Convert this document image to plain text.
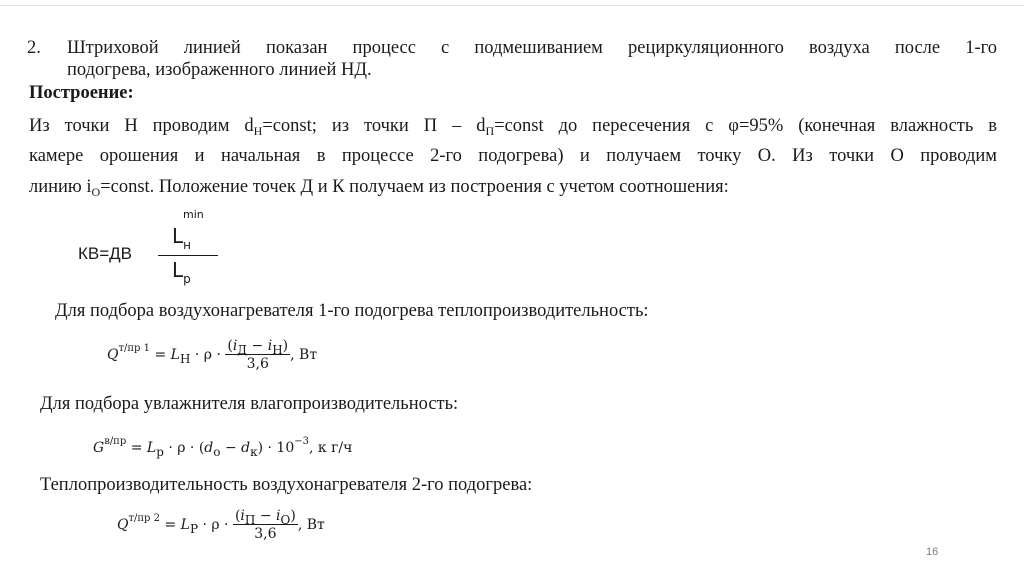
2. Штриховой линией показан процесс с подмешиванием рециркуляционного воздуха после 1-го
подогрева, изображенного линией НД.
Построение:
Из точки Н проводим $d_Н=const$; из точки $П - d_П=const$ до пересечения с φ=95% (конечная влажность в
камере орошения и начальная в процессе 2-го подогрева) и получаем точку О. Из точки О проводим
линию $i_О=const$. Положение точек Д и К получаем из построения с учетом соотношения:
КВ=ДВ
$L_н$
min
$L_р$
Для подбора воздухонагревателя 1-го подогрева теплопроизводительность:
$Q^{т/пр 1} = L_Н \cdot \rho \cdot \frac{(i_Д - i_Н)}{3,6}$ , Вт
Для подбора увлажнителя влагопроизводительность:
$G^{в/пр} = L_р \cdot \rho \cdot (d_о - d_к) \cdot 10^{-3}$, к г/ч
Теплопроизводительность воздухонагревателя 2-го подогрева:
$Q^{т/пр 2} = L_Р \cdot \rho \cdot \frac{(i_П - i_О)}{3,6}$ , Вт
16
